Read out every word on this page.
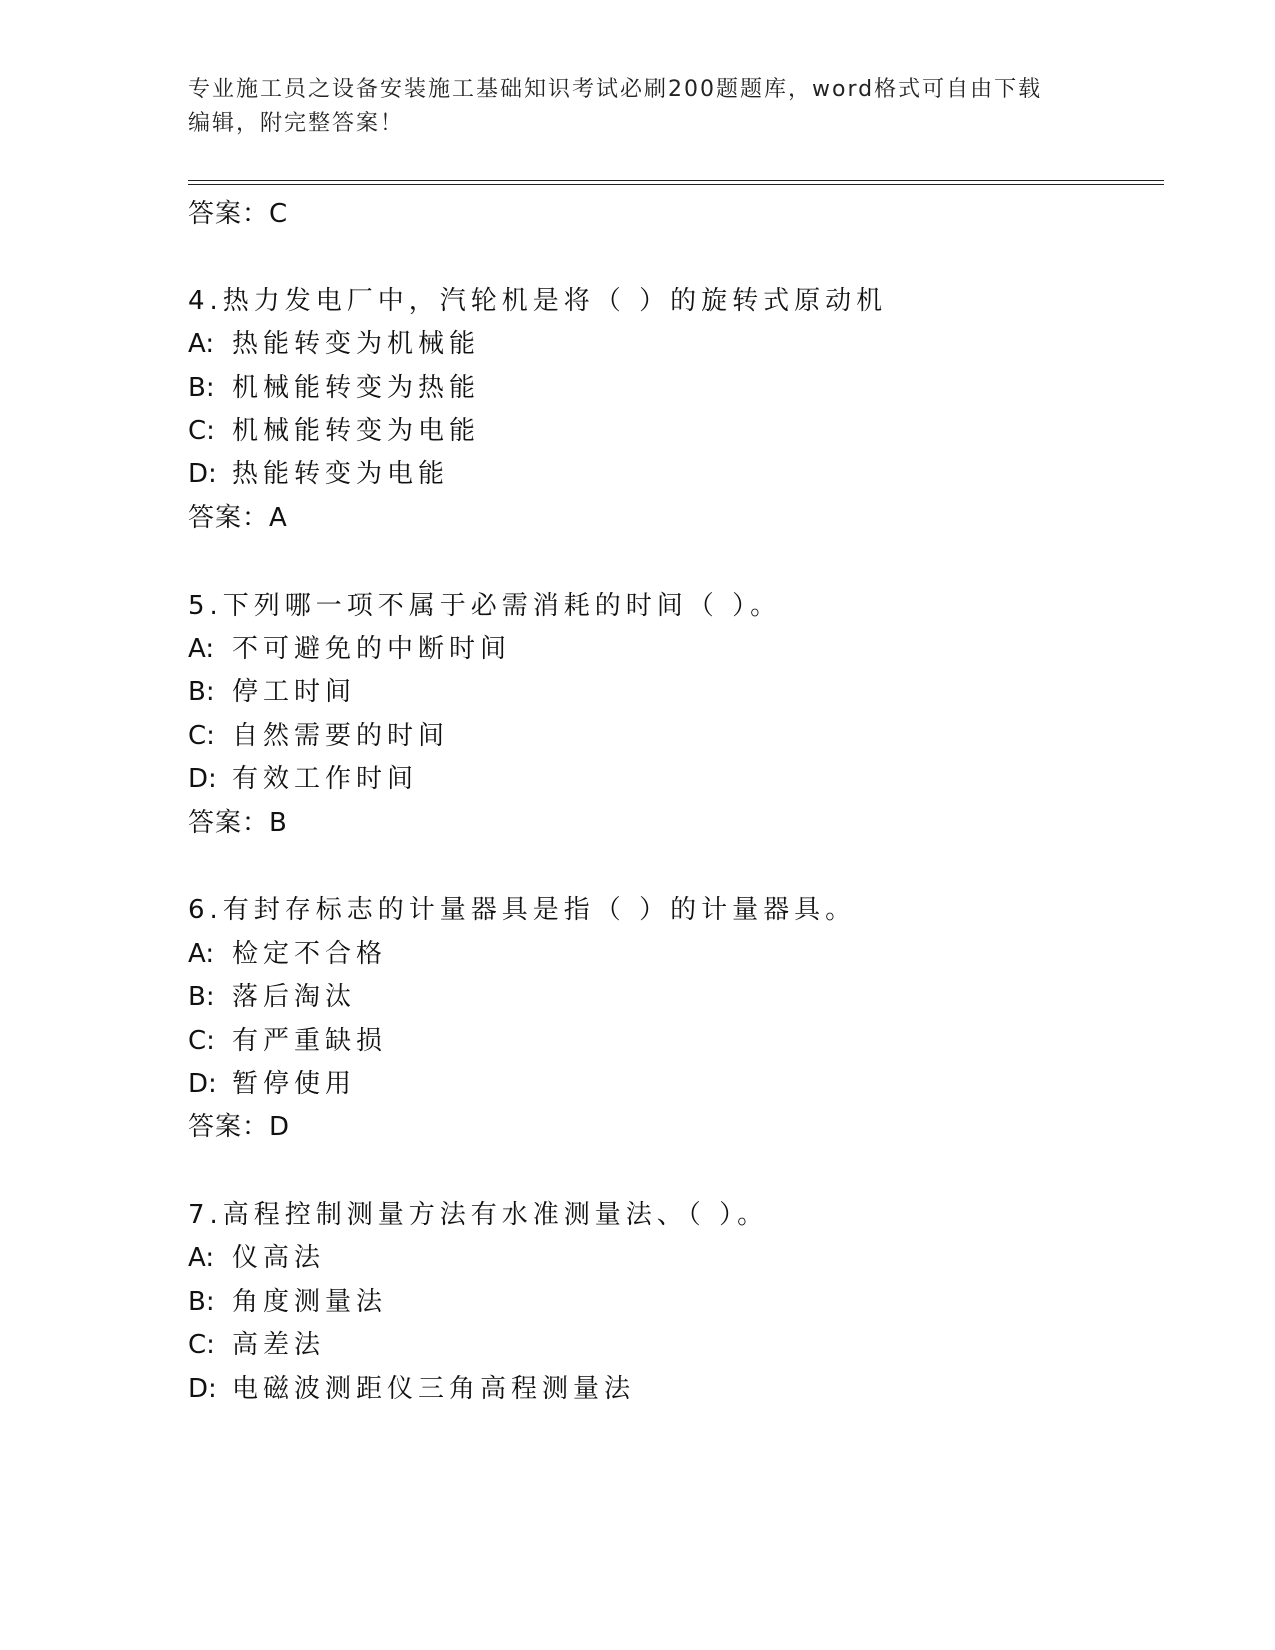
专业施工员之设备安装施工基础知识考试必刷200题题库，word格式可自由下载
编辑，附完整答案！
答案：C
4.热力发电厂中，汽轮机是将（ ）的旋转式原动机
A: 热能转变为机械能
B: 机械能转变为热能
C: 机械能转变为电能
D: 热能转变为电能
答案：A
5.下列哪一项不属于必需消耗的时间（ ）。
A: 不可避免的中断时间
B: 停工时间
C: 自然需要的时间
D: 有效工作时间
答案：B
6.有封存标志的计量器具是指（ ）的计量器具。
A: 检定不合格
B: 落后淘汰
C: 有严重缺损
D: 暂停使用
答案：D
7.高程控制测量方法有水准测量法、（ ）。
A: 仪高法
B: 角度测量法
C: 高差法
D: 电磁波测距仪三角高程测量法
